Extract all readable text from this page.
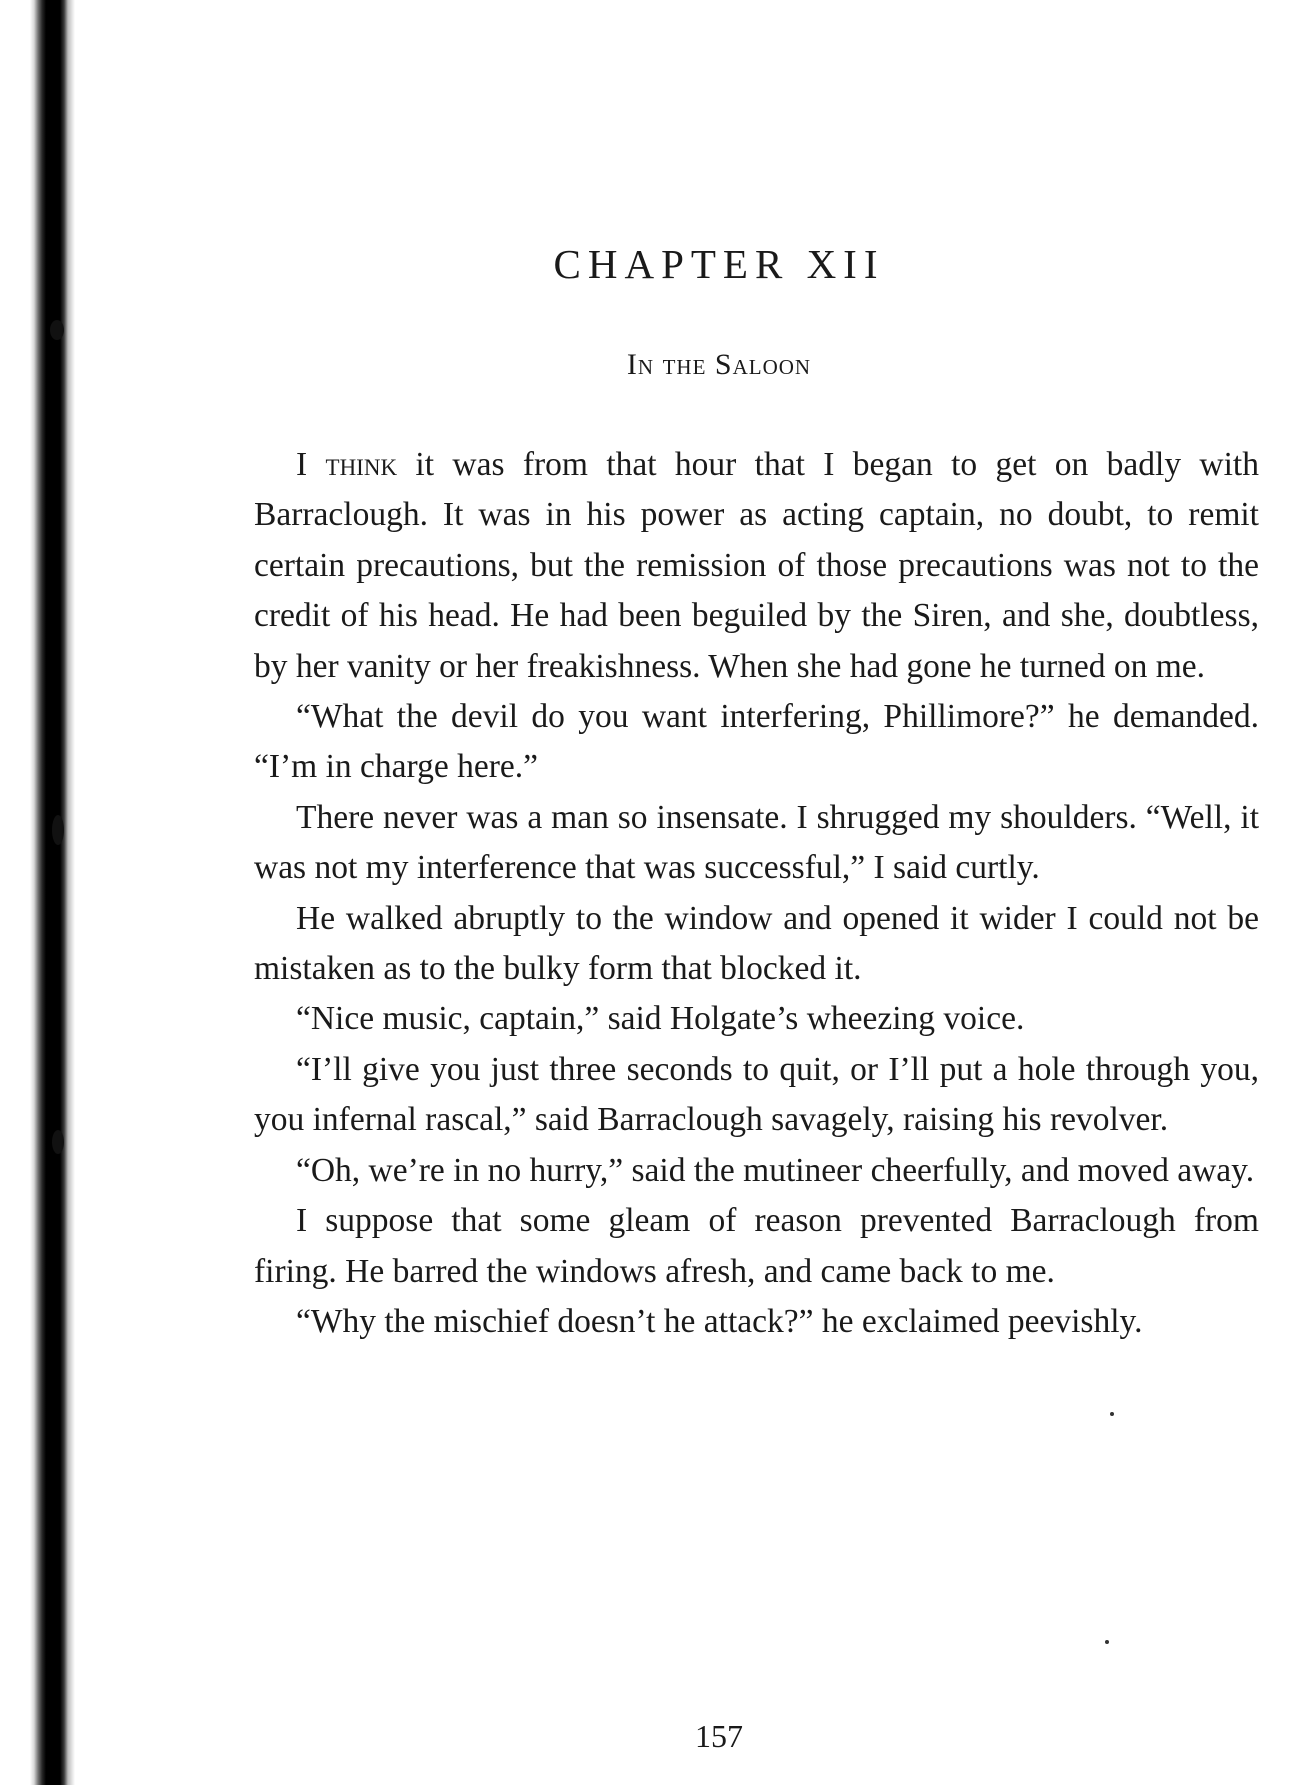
CHAPTER XII
In the Saloon

I think it was from that hour that I began to get on badly with Barraclough. It was in his power as acting captain, no doubt, to remit certain precautions, but the remission of those precautions was not to the credit of his head. He had been beguiled by the Siren, and she, doubtless, by her vanity or her freakishness. When she had gone he turned on me.

“What the devil do you want interfering, Phillimore?” he demanded. “I’m in charge here.”

There never was a man so insensate. I shrugged my shoulders. “Well, it was not my interference that was successful,” I said curtly.

He walked abruptly to the window and opened it wider I could not be mistaken as to the bulky form that blocked it.

“Nice music, captain,” said Holgate’s wheezing voice.

“I’ll give you just three seconds to quit, or I’ll put a hole through you, you infernal rascal,” said Barraclough savagely, raising his revolver.

“Oh, we’re in no hurry,” said the mutineer cheerfully, and moved away.

I suppose that some gleam of reason prevented Barraclough from firing. He barred the windows afresh, and came back to me.

“Why the mischief doesn’t he attack?” he exclaimed peevishly.

157
